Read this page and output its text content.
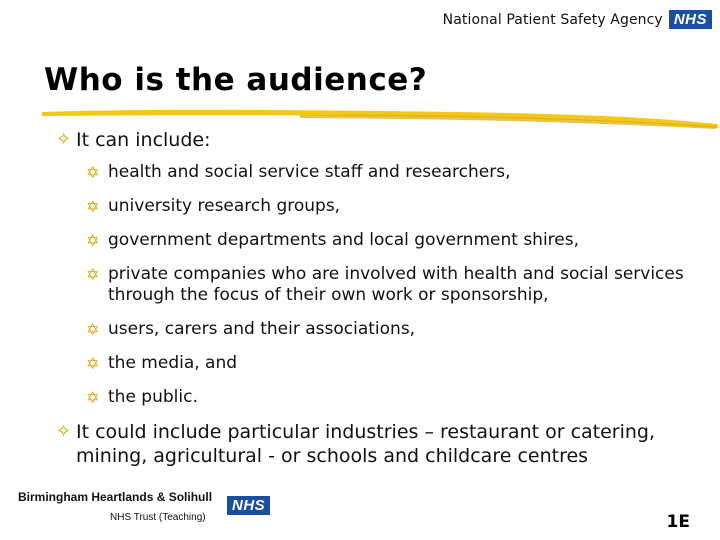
National Patient Safety Agency NHS
Who is the audience?
✧ It can include:
✡ health and social service staff and researchers,
✡ university research groups,
✡ government departments and local government shires,
✡ private companies who are involved with health and social services through the focus of their own work or sponsorship,
✡ users, carers and their associations,
✡ the media, and
✡ the public.
✧ It could include particular industries – restaurant or catering, mining, agricultural - or schools and childcare centres
Birmingham Heartlands & Solihull
NHS Trust (Teaching)
NHS
1E
